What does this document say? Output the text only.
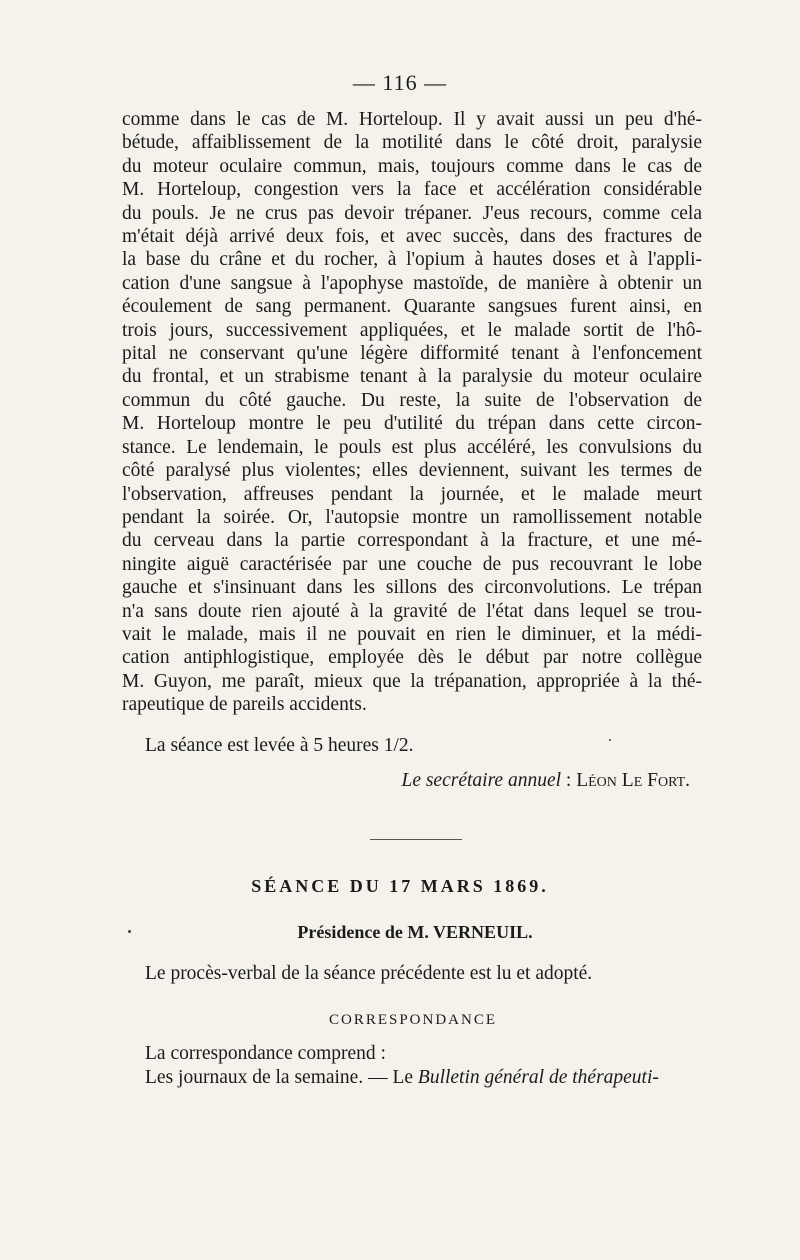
— 116 —
comme dans le cas de M. Horteloup. Il y avait aussi un peu d'hé-
bétude, affaiblissement de la motilité dans le côté droit, paralysie
du moteur oculaire commun, mais, toujours comme dans le cas de
M. Horteloup, congestion vers la face et accélération considérable
du pouls. Je ne crus pas devoir trépaner. J'eus recours, comme cela
m'était déjà arrivé deux fois, et avec succès, dans des fractures de
la base du crâne et du rocher, à l'opium à hautes doses et à l'appli-
cation d'une sangsue à l'apophyse mastoïde, de manière à obtenir un
écoulement de sang permanent. Quarante sangsues furent ainsi, en
trois jours, successivement appliquées, et le malade sortit de l'hô-
pital ne conservant qu'une légère difformité tenant à l'enfoncement
du frontal, et un strabisme tenant à la paralysie du moteur oculaire
commun du côté gauche. Du reste, la suite de l'observation de
M. Horteloup montre le peu d'utilité du trépan dans cette circon-
stance. Le lendemain, le pouls est plus accéléré, les convulsions du
côté paralysé plus violentes; elles deviennent, suivant les termes de
l'observation, affreuses pendant la journée, et le malade meurt
pendant la soirée. Or, l'autopsie montre un ramollissement notable
du cerveau dans la partie correspondant à la fracture, et une mé-
ningite aiguë caractérisée par une couche de pus recouvrant le lobe
gauche et s'insinuant dans les sillons des circonvolutions. Le trépan
n'a sans doute rien ajouté à la gravité de l'état dans lequel se trou-
vait le malade, mais il ne pouvait en rien le diminuer, et la médi-
cation antiphlogistique, employée dès le début par notre collègue
M. Guyon, me paraît, mieux que la trépanation, appropriée à la thé-
rapeutique de pareils accidents.
La séance est levée à 5 heures 1/2.
Le secrétaire annuel : Léon Le Fort.
SÉANCE DU 17 MARS 1869.
Présidence de M. VERNEUIL.
Le procès-verbal de la séance précédente est lu et adopté.
CORRESPONDANCE
La correspondance comprend :
Les journaux de la semaine. — Le Bulletin général de thérapeuti-
